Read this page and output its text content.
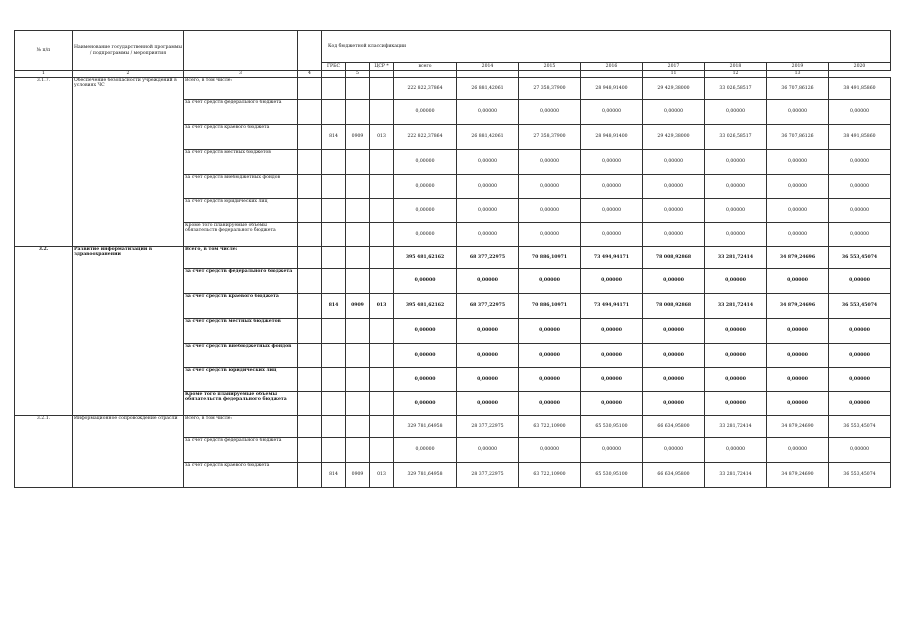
№ п/п	Наименование государственной программы / подпрограммы / мероприятия			Код бюджетной классификации										
				ГРБС		ЦСР *	всего	2014	2015	2016	2017	2018	2019	2020
1	2	3	4		5						11	12	13	
3.1.7.	Обеспечение безопасности учреждений в условиях ЧС	Всего, в том числе:					222 822,37864	26 881,42061	27 358,37900	28 948,91400	29 429,38000	33 026,58517	36 707,86126	38 491,85860
		за счет средств федерального бюджета					0,00000	0,00000	0,00000	0,00000	0,00000	0,00000	0,00000	0,00000
		за счет средств краевого бюджета		814	0909	013	222 822,37864	26 881,42061	27 358,37900	28 948,91400	29 429,38000	33 026,58517	36 707,86126	38 491,85860
		за счет средств местных бюджетов					0,00000	0,00000	0,00000	0,00000	0,00000	0,00000	0,00000	0,00000
		за счет средств внебюджетных фондов					0,00000	0,00000	0,00000	0,00000	0,00000	0,00000	0,00000	0,00000
		за счет средств юридических лиц					0,00000	0,00000	0,00000	0,00000	0,00000	0,00000	0,00000	0,00000
		Кроме того планируемые объемы обязательств федерального бюджета					0,00000	0,00000	0,00000	0,00000	0,00000	0,00000	0,00000	0,00000
3.2.	Развитие информатизации в здравоохранении	Всего, в том числе:					395 481,62162	68 377,22975	70 886,10971	73 494,94171	78 008,92868	33 281,72414	34 879,24696	36 553,45074
		за счет средств федерального бюджета					0,00000	0,00000	0,00000	0,00000	0,00000	0,00000	0,00000	0,00000
		за счет средств краевого бюджета		814	0909	013	395 481,62162	68 377,22975	70 886,10971	73 494,94171	78 008,92868	33 281,72414	34 879,24696	36 553,45074
		за счет средств местных бюджетов					0,00000	0,00000	0,00000	0,00000	0,00000	0,00000	0,00000	0,00000
		за счет средств внебюджетных фондов					0,00000	0,00000	0,00000	0,00000	0,00000	0,00000	0,00000	0,00000
		за счет средств юридических лиц					0,00000	0,00000	0,00000	0,00000	0,00000	0,00000	0,00000	0,00000
		Кроме того планируемые объемы обязательств федерального бюджета					0,00000	0,00000	0,00000	0,00000	0,00000	0,00000	0,00000	0,00000
3.2.1.	Информационное сопровождение отрасли	Всего, в том числе:					329 781,64958	28 377,22975	63 722,10900	65 530,95100	66 634,95800	33 281,72414	34 879,24690	36 553,45074
		за счет средств федерального бюджета					0,00000	0,00000	0,00000	0,00000	0,00000	0,00000	0,00000	0,00000
		за счет средств краевого бюджета		814	0909	013	329 781,64958	28 377,22975	63 722,10900	65 530,95100	66 634,95800	33 281,72414	34 879,24690	36 553,45074
